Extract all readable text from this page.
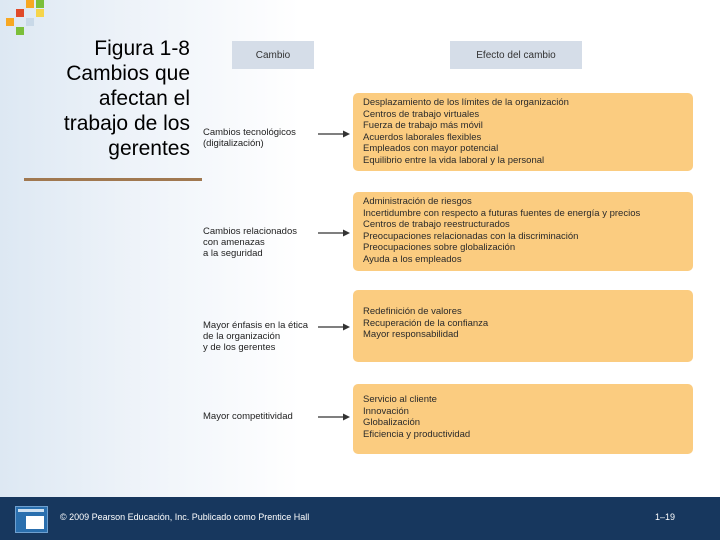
Figura 1-8
Cambios que
afectan el
trabajo de los
gerentes
Cambio	Efecto del cambio
Cambios tecnológicos
(digitalización)
Desplazamiento de los límites de la organización
Centros de trabajo virtuales
Fuerza de trabajo más móvil
Acuerdos laborales flexibles
Empleados con mayor potencial
Equilibrio entre la vida laboral y la personal
Cambios relacionados
con amenazas
a la seguridad
Administración de riesgos
Incertidumbre con respecto a futuras fuentes de energía y precios
Centros de trabajo reestructurados
Preocupaciones relacionadas con la discriminación
Preocupaciones sobre globalización
Ayuda a los empleados
Mayor énfasis en la ética
de la organización
y de los gerentes
Redefinición de valores
Recuperación de la confianza
Mayor responsabilidad
Mayor competitividad
Servicio al cliente
Innovación
Globalización
Eficiencia y productividad
© 2009 Pearson Educación, Inc. Publicado como Prentice Hall	1–19
